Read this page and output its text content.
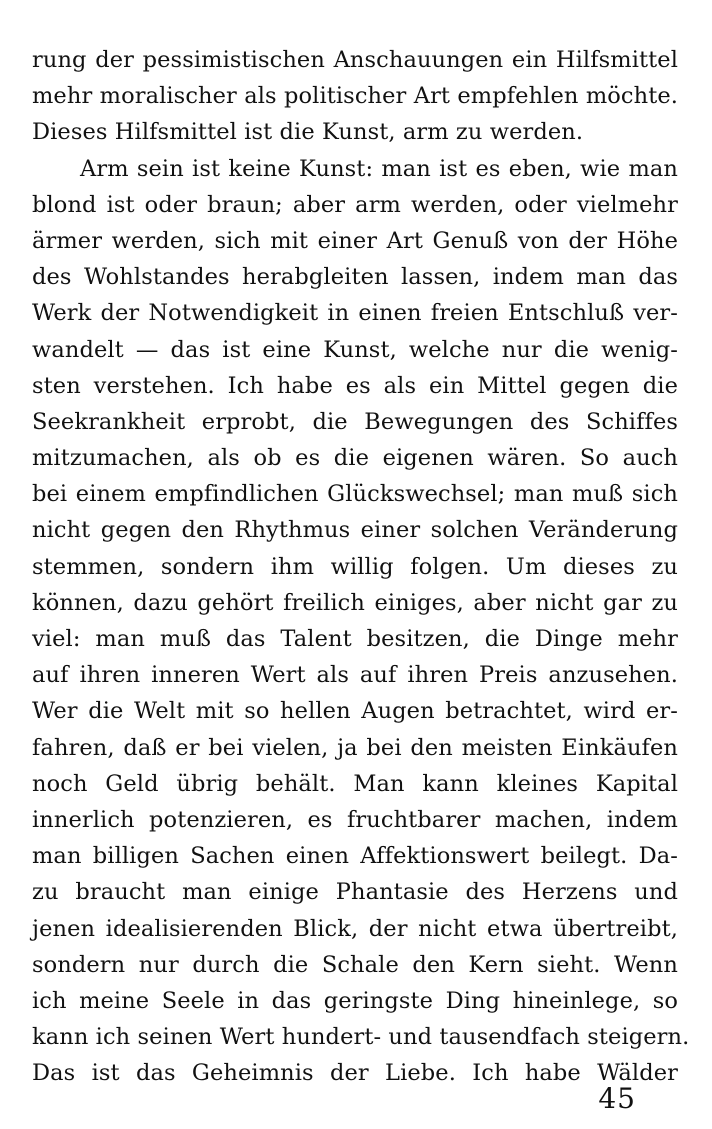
rung der pessimistischen Anschauungen ein Hilfsmittel
mehr moralischer als politischer Art empfehlen möchte.
Dieses Hilfsmittel ist die Kunst, arm zu werden.
Arm sein ist keine Kunst: man ist es eben, wie man
blond ist oder braun; aber arm werden, oder vielmehr
ärmer werden, sich mit einer Art Genuß von der Höhe
des Wohlstandes herabgleiten lassen, indem man das
Werk der Notwendigkeit in einen freien Entschluß ver-
wandelt — das ist eine Kunst, welche nur die wenig-
sten verstehen. Ich habe es als ein Mittel gegen die
Seekrankheit erprobt, die Bewegungen des Schiffes
mitzumachen, als ob es die eigenen wären. So auch
bei einem empfindlichen Glückswechsel; man muß sich
nicht gegen den Rhythmus einer solchen Veränderung
stemmen, sondern ihm willig folgen. Um dieses zu
können, dazu gehört freilich einiges, aber nicht gar zu
viel: man muß das Talent besitzen, die Dinge mehr
auf ihren inneren Wert als auf ihren Preis anzusehen.
Wer die Welt mit so hellen Augen betrachtet, wird er-
fahren, daß er bei vielen, ja bei den meisten Einkäufen
noch Geld übrig behält. Man kann kleines Kapital
innerlich potenzieren, es fruchtbarer machen, indem
man billigen Sachen einen Affektionswert beilegt. Da-
zu braucht man einige Phantasie des Herzens und
jenen idealisierenden Blick, der nicht etwa übertreibt,
sondern nur durch die Schale den Kern sieht. Wenn
ich meine Seele in das geringste Ding hineinlege, so
kann ich seinen Wert hundert- und tausendfach steigern.
Das ist das Geheimnis der Liebe. Ich habe Wälder
45
